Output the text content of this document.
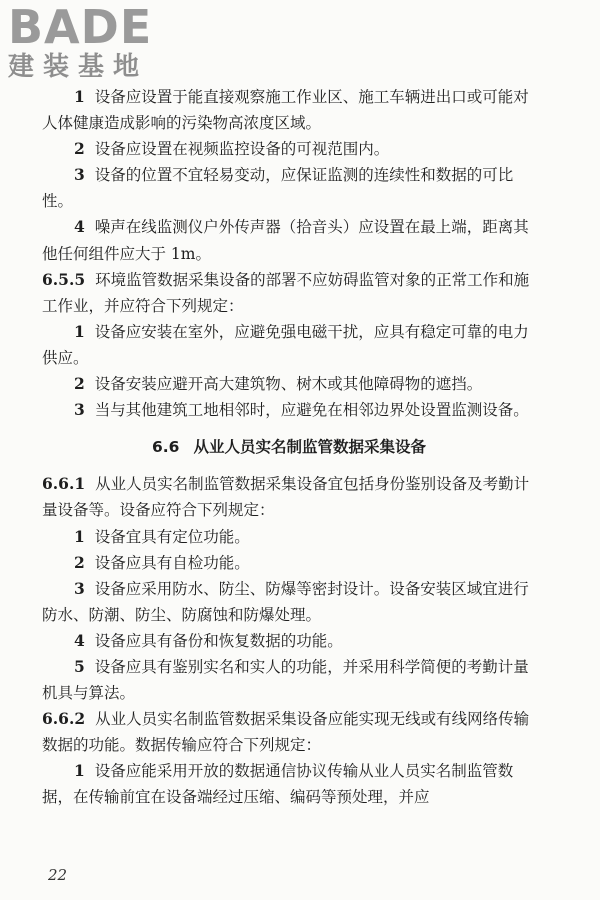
BADE
建装基地

1 设备应设置于能直接观察施工作业区、施工车辆进出口或可能对人体健康造成影响的污染物高浓度区域。

2 设备应设置在视频监控设备的可视范围内。

3 设备的位置不宜轻易变动，应保证监测的连续性和数据的可比性。

4 噪声在线监测仪户外传声器（拾音头）应设置在最上端，距离其他任何组件应大于 1m。

6.5.5 环境监管数据采集设备的部署不应妨碍监管对象的正常工作和施工作业，并应符合下列规定：

1 设备应安装在室外，应避免强电磁干扰，应具有稳定可靠的电力供应。

2 设备安装应避开高大建筑物、树木或其他障碍物的遮挡。

3 当与其他建筑工地相邻时，应避免在相邻边界处设置监测设备。

6.6 从业人员实名制监管数据采集设备

6.6.1 从业人员实名制监管数据采集设备宜包括身份鉴别设备及考勤计量设备等。设备应符合下列规定：

1 设备宜具有定位功能。

2 设备应具有自检功能。

3 设备应采用防水、防尘、防爆等密封设计。设备安装区域宜进行防水、防潮、防尘、防腐蚀和防爆处理。

4 设备应具有备份和恢复数据的功能。

5 设备应具有鉴别实名和实人的功能，并采用科学简便的考勤计量机具与算法。

6.6.2 从业人员实名制监管数据采集设备应能实现无线或有线网络传输数据的功能。数据传输应符合下列规定：

1 设备应能采用开放的数据通信协议传输从业人员实名制监管数据，在传输前宜在设备端经过压缩、编码等预处理，并应

22
